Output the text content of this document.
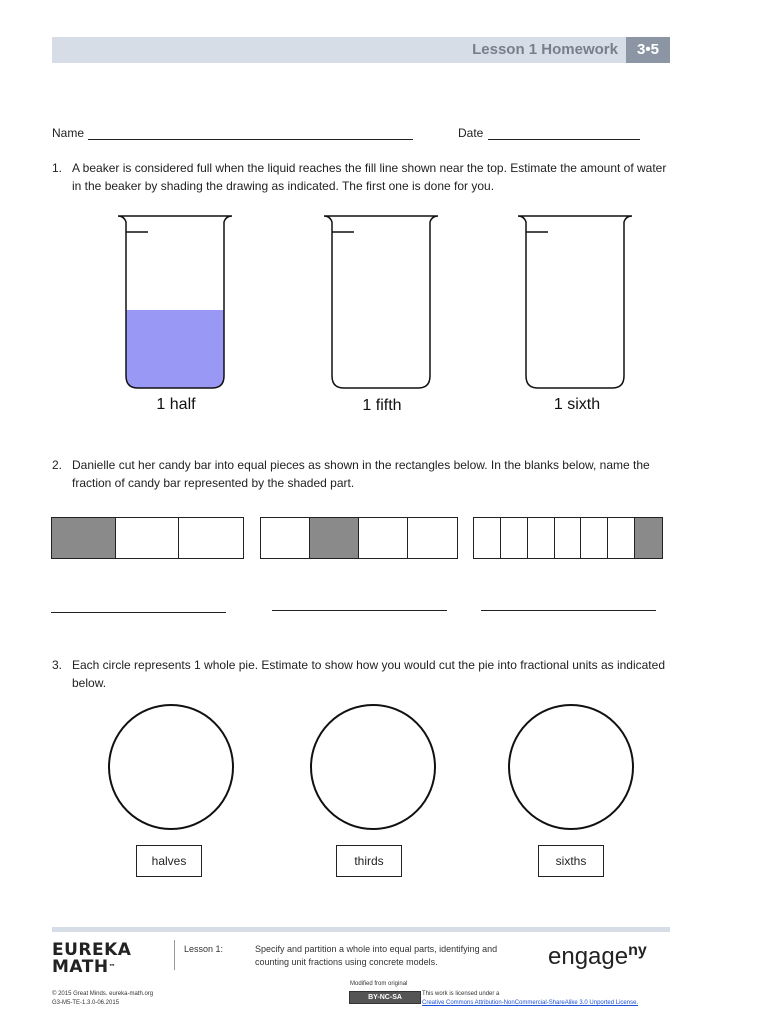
Lesson 1 Homework	3•5
Name	Date
1. A beaker is considered full when the liquid reaches the fill line shown near the top. Estimate the amount of water in the beaker by shading the drawing as indicated. The first one is done for you.
1 half	1 fifth	1 sixth
2. Danielle cut her candy bar into equal pieces as shown in the rectangles below. In the blanks below, name the fraction of candy bar represented by the shaded part.
3. Each circle represents 1 whole pie. Estimate to show how you would cut the pie into fractional units as indicated below.
halves	thirds	sixths
EUREKA
MATH™
Lesson 1:	Specify and partition a whole into equal parts, identifying and
counting unit fractions using concrete models.	engage$^{ny}$
© 2015 Great Minds. eureka-math.org
G3-M5-TE-1.3.0-06.2015
Modified from original
BY-NC-SA	This work is licensed under a
Creative Commons Attribution-NonCommercial-ShareAlike 3.0 Unported License.
